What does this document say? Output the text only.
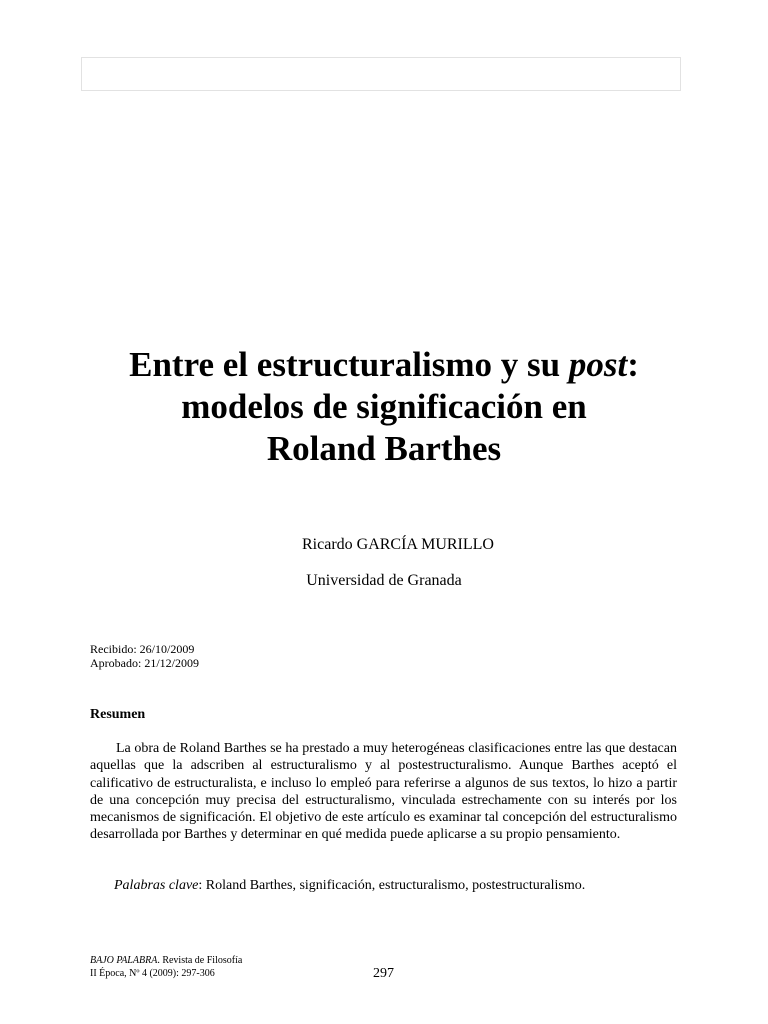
Entre el estructuralismo y su post:
modelos de significación en
Roland Barthes
Ricardo GARCÍA MURILLO
Universidad de Granada
Recibido: 26/10/2009
Aprobado: 21/12/2009
Resumen

La obra de Roland Barthes se ha prestado a muy heterogéneas clasificaciones entre las que destacan aquellas que la adscriben al estructuralismo y al postestructuralismo. Aunque Barthes aceptó el calificativo de estructuralista, e incluso lo empleó para referirse a algunos de sus textos, lo hizo a partir de una concepción muy precisa del estructuralismo, vinculada estrechamente con su interés por los mecanismos de significación. El objetivo de este artículo es examinar tal concepción del estructuralismo desarrollada por Barthes y determinar en qué medida puede aplicarse a su propio pensamiento.

Palabras clave: Roland Barthes, significación, estructuralismo, postestructuralismo.

BAJO PALABRA. Revista de Filosofía
II Época, Nº 4 (2009): 297-306	297
